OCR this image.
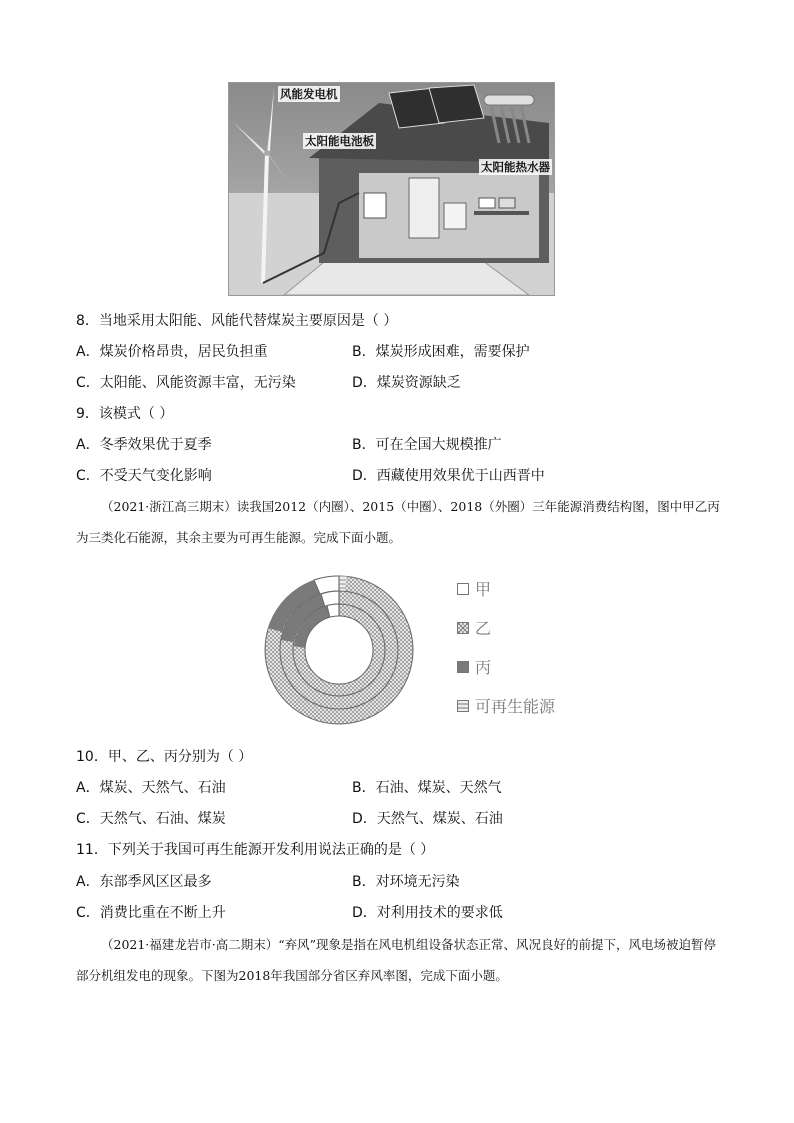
风能发电机
太阳能电池板
太阳能热水器
8．当地采用太阳能、风能代替煤炭主要原因是（ ）
A．煤炭价格昂贵，居民负担重	B．煤炭形成困难，需要保护
C．太阳能、风能资源丰富，无污染	D．煤炭资源缺乏
9．该模式（ ）
A．冬季效果优于夏季	B．可在全国大规模推广
C．不受天气变化影响	D．西藏使用效果优于山西晋中
（2021·浙江高三期末）读我国2012（内圈）、2015（中圈）、2018（外圈）三年能源消费结构图，图中甲乙丙为三类化石能源，其余主要为可再生能源。完成下面小题。
甲
乙
丙
可再生能源
10．甲、乙、丙分别为（ ）
A．煤炭、天然气、石油	B．石油、煤炭、天然气
C．天然气、石油、煤炭	D．天然气、煤炭、石油
11．下列关于我国可再生能源开发利用说法正确的是（ ）
A．东部季风区区最多	B．对环境无污染
C．消费比重在不断上升	D．对利用技术的要求低
（2021·福建龙岩市·高二期末）“弃风”现象是指在风电机组设备状态正常、风况良好的前提下，风电场被迫暂停部分机组发电的现象。下图为2018年我国部分省区弃风率图，完成下面小题。
